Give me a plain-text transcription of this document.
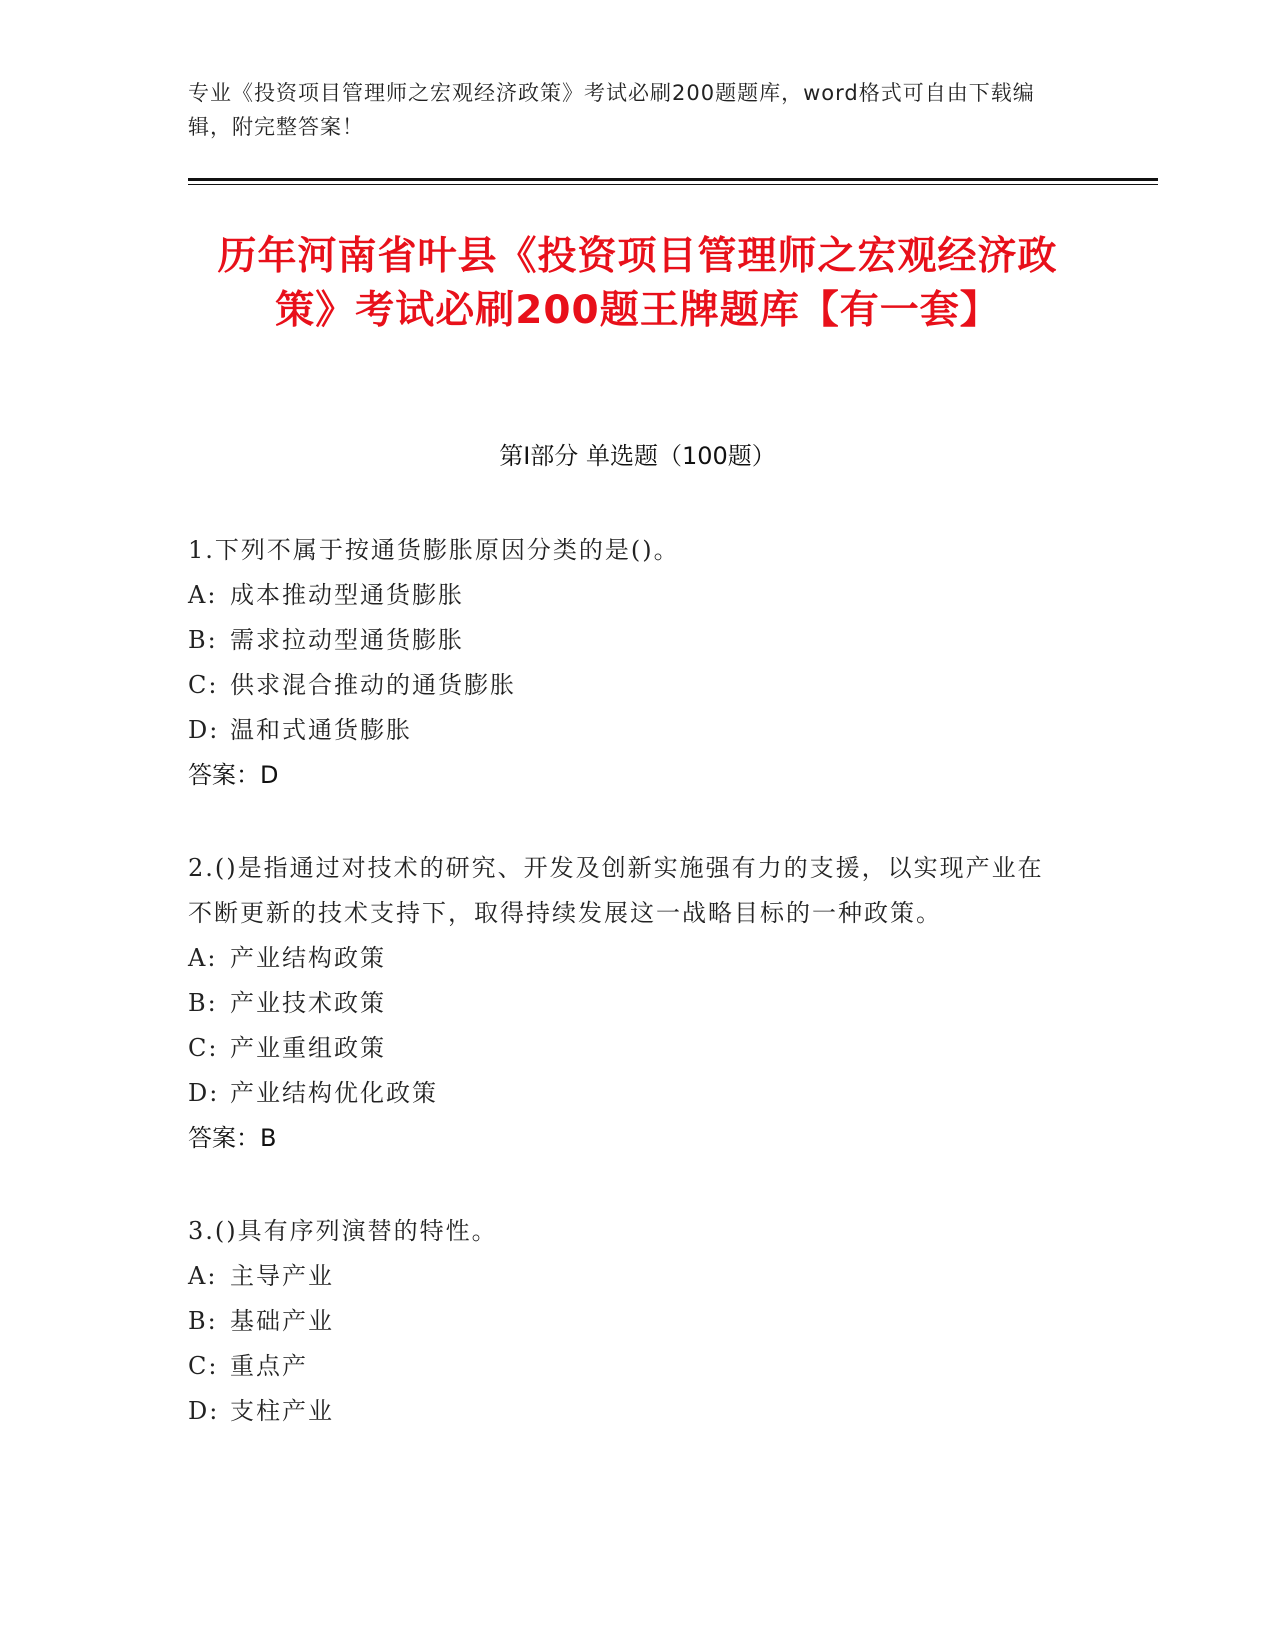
专业《投资项目管理师之宏观经济政策》考试必刷200题题库，word格式可自由下载编辑，附完整答案！
历年河南省叶县《投资项目管理师之宏观经济政策》考试必刷200题王牌题库【有一套】
第Ⅰ部分 单选题（100题）
1.下列不属于按通货膨胀原因分类的是()。
A: 成本推动型通货膨胀
B: 需求拉动型通货膨胀
C: 供求混合推动的通货膨胀
D: 温和式通货膨胀
答案：D
2.()是指通过对技术的研究、开发及创新实施强有力的支援，以实现产业在不断更新的技术支持下，取得持续发展这一战略目标的一种政策。
A: 产业结构政策
B: 产业技术政策
C: 产业重组政策
D: 产业结构优化政策
答案：B
3.()具有序列演替的特性。
A: 主导产业
B: 基础产业
C: 重点产
D: 支柱产业
